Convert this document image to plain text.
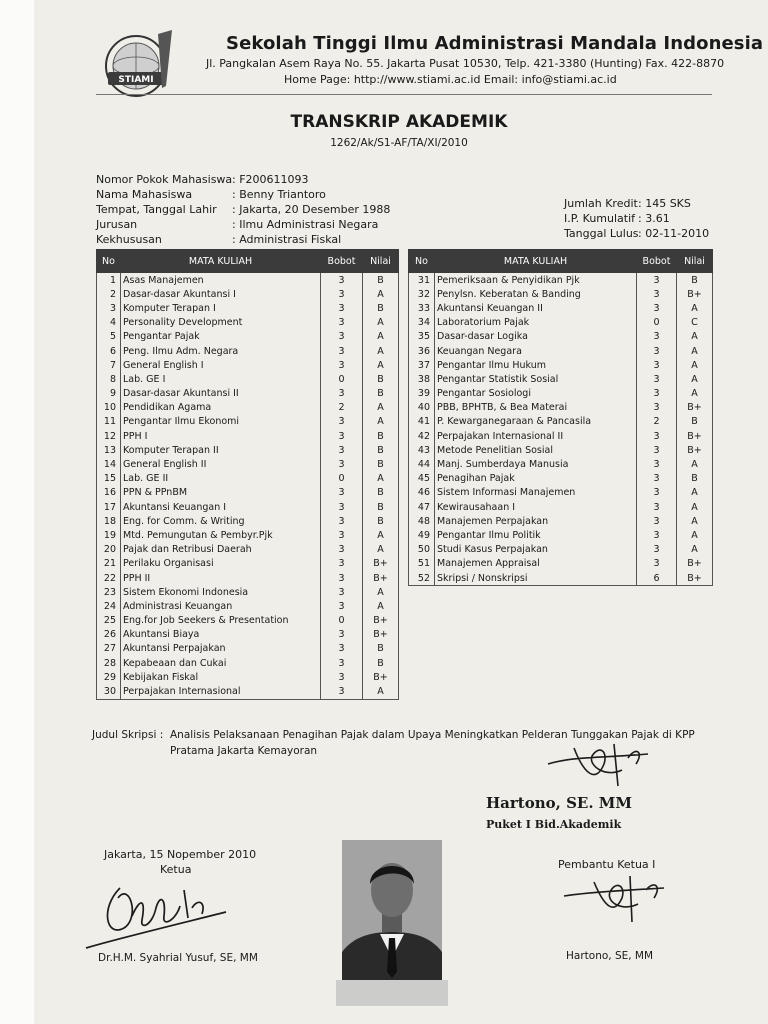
STIAMI
Sekolah Tinggi Ilmu Administrasi Mandala Indonesia
Jl. Pangkalan Asem Raya No. 55. Jakarta Pusat 10530, Telp. 421-3380 (Hunting) Fax. 422-8870
Home Page: http://www.stiami.ac.id Email: info@stiami.ac.id
TRANSKRIP AKADEMIK
1262/Ak/S1-AF/TA/XI/2010
Nomor Pokok Mahasiswa: F200611093
Nama Mahasiswa	: Benny Triantoro
Tempat, Tanggal Lahir : Jakarta, 20 Desember 1988
Jurusan	: Ilmu Administrasi Negara
Kekhususan	: Administrasi Fiskal
Jumlah Kredit: 145 SKS
I.P. Kumulatif : 3.61
Tanggal Lulus: 02-11-2010
No	MATA KULIAH	Bobot	Nilai
1	Asas Manajemen	3	B
2	Dasar-dasar Akuntansi I	3	A
3	Komputer Terapan I	3	B
4	Personality Development	3	A
5	Pengantar Pajak	3	A
6	Peng. Ilmu Adm. Negara	3	A
7	General English I	3	A
8	Lab. GE I	0	B
9	Dasar-dasar Akuntansi II	3	B
10	Pendidikan Agama	2	A
11	Pengantar Ilmu Ekonomi	3	A
12	PPH I	3	B
13	Komputer Terapan II	3	B
14	General English II	3	B
15	Lab. GE II	0	A
16	PPN & PPnBM	3	B
17	Akuntansi Keuangan I	3	B
18	Eng. for Comm. & Writing	3	B
19	Mtd. Pemungutan & Pembyr.Pjk	3	A
20	Pajak dan Retribusi Daerah	3	A
21	Perilaku Organisasi	3	B+
22	PPH II	3	B+
23	Sistem Ekonomi Indonesia	3	A
24	Administrasi Keuangan	3	A
25	Eng.for Job Seekers & Presentation	0	B+
26	Akuntansi Biaya	3	B+
27	Akuntansi Perpajakan	3	B
28	Kepabeaan dan Cukai	3	B
29	Kebijakan Fiskal	3	B+
30	Perpajakan Internasional	3	A
No	MATA KULIAH	Bobot	Nilai
31	Pemeriksaan & Penyidikan Pjk	3	B
32	Penylsn. Keberatan & Banding	3	B+
33	Akuntansi Keuangan II	3	A
34	Laboratorium Pajak	0	C
35	Dasar-dasar Logika	3	A
36	Keuangan Negara	3	A
37	Pengantar Ilmu Hukum	3	A
38	Pengantar Statistik Sosial	3	A
39	Pengantar Sosiologi	3	A
40	PBB, BPHTB, & Bea Materai	3	B+
41	P. Kewarganegaraan & Pancasila	2	B
42	Perpajakan Internasional II	3	B+
43	Metode Penelitian Sosial	3	B+
44	Manj. Sumberdaya Manusia	3	A
45	Penagihan Pajak	3	B
46	Sistem Informasi Manajemen	3	A
47	Kewirausahaan I	3	A
48	Manajemen Perpajakan	3	A
49	Pengantar Ilmu Politik	3	A
50	Studi Kasus Perpajakan	3	A
51	Manajemen Appraisal	3	B+
52	Skripsi / Nonskripsi	6	B+
Judul Skripsi : Analisis Pelaksanaan Penagihan Pajak dalam Upaya Meningkatkan Pelderan Tunggakan Pajak di KPP
Pratama Jakarta Kemayoran
Hartono, SE. MM
Puket I Bid.Akademik
Jakarta, 15 Nopember 2010
Ketua
Dr.H.M. Syahrial Yusuf, SE, MM
Pembantu Ketua I
Hartono, SE, MM
